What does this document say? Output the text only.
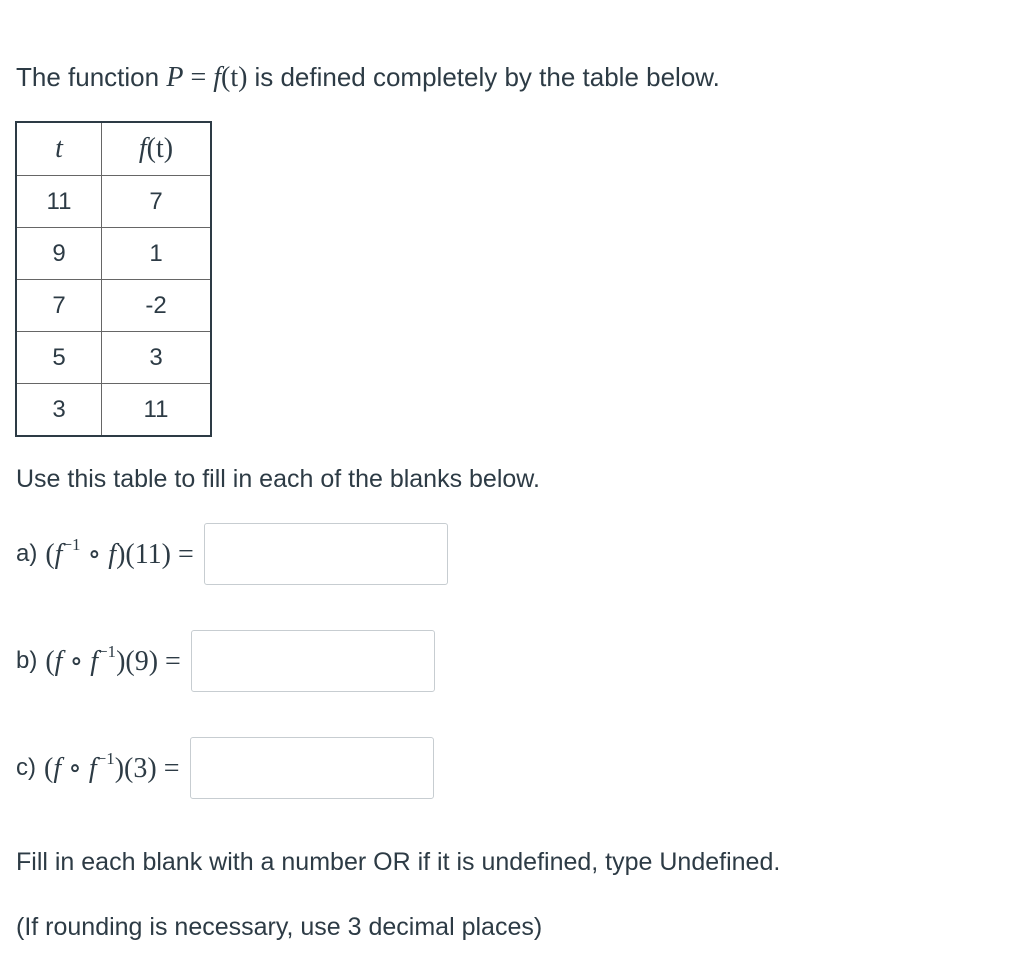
The function P = f(t) is defined completely by the table below.
t	f(t)
11	7
9	1
7	-2
5	3
3	11
Use this table to fill in each of the blanks below.
a) ($f^{-1}$ ∘ f)(11) =
b) (f ∘ $f^{-1})(9)$ =
c) (f ∘ $f^{-1})(3)$ =
Fill in each blank with a number OR if it is undefined, type Undefined.
(If rounding is necessary, use 3 decimal places)
